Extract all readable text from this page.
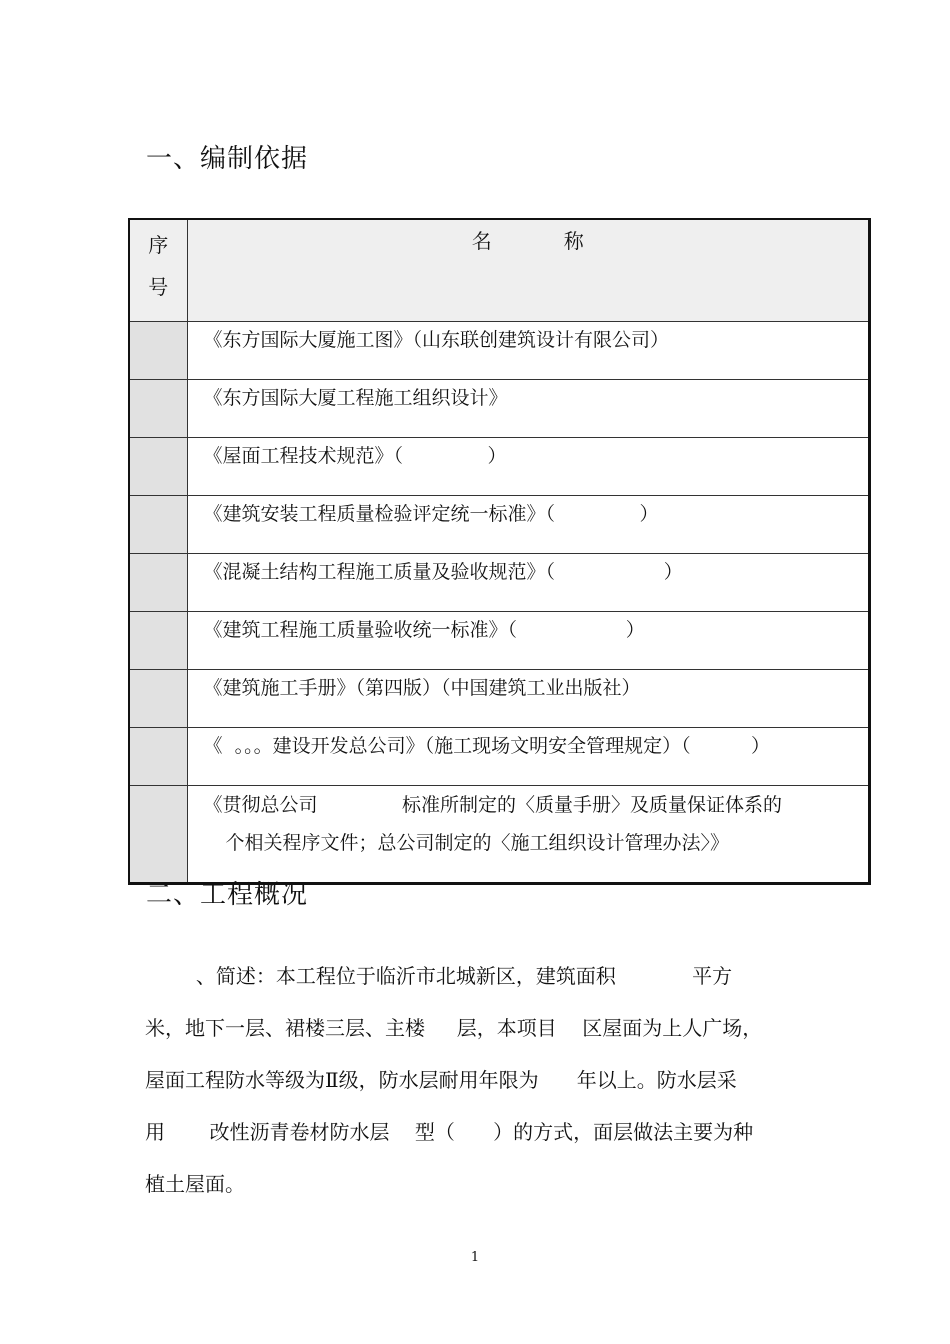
一、编制依据
序
号	名 称
	《东方国际大厦施工图》（山东联创建筑设计有限公司）
	《东方国际大厦工程施工组织设计》
	《屋面工程技术规范》（              ）
	《建筑安装工程质量检验评定统一标准》（              ）
	《混凝土结构工程施工质量及验收规范》（                  ）
	《建筑工程施工质量验收统一标准》（                  ）
	《建筑施工手册》（第四版）（中国建筑工业出版社）
	《  。。。建设开发总公司》（施工现场文明安全管理规定）（          ）

	《贯彻总公司              标准所制定的〈质量手册〉及质量保证体系的
个相关程序文件；总公司制定的〈施工组织设计管理办法〉》
二、工程概况
、简述：本工程位于临沂市北城新区，建筑面积            平方
米，地下一层、裙楼三层、主楼     层，本项目    区屋面为上人广场，
屋面工程防水等级为Ⅱ级，防水层耐用年限为      年以上。防水层采
用       改性沥青卷材防水层    型（      ）的方式，面层做法主要为种
植土屋面。
1
